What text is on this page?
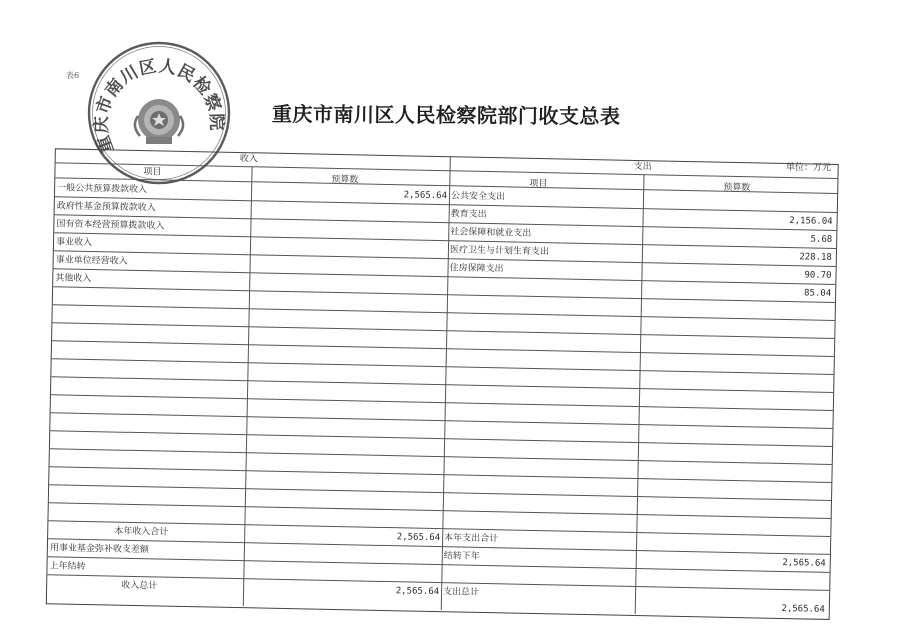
表6
重庆市南川区人民检察院 重庆市南川区人民检察院部门收支总表
单位：万元
收入
支出
项目
预算数	项目	预算数
一般公共预算拨款收入
政府性基金预算拨款收入
国有资本经营预算拨款收入
事业收入
事业单位经营收入
其他收入
2,565.64 公共安全支出
教育支出
社会保障和就业支出
医疗卫生与计划生育支出
住房保障支出
2,156.04
5.68
228.18
90.70
85.04
本年收入合计
2,565.64 本年支出合计
2,565.64
用事业基金弥补收支差额
结转下年
上年结转
收入总计
2,565.64 支出总计
2,565.64
